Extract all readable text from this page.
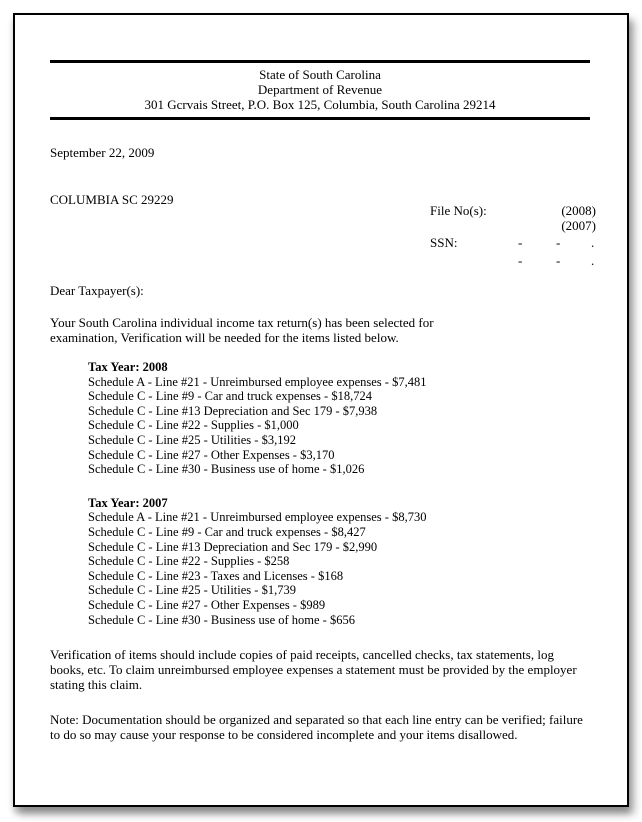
State of South Carolina
Department of Revenue
301 Gcrvais Street, P.O. Box 125, Columbia, South Carolina 29214
September 22, 2009
COLUMBIA SC 29229
Dear Taxpayer(s):
Your South Carolina individual income tax return(s) has been selected for
examination, Verification will be needed for the items listed below.
Tax Year: 2008
Schedule A - Line #21 - Unreimbursed employee expenses - $7,481
Schedule C - Line #9 - Car and truck expenses - $18,724
Schedule C - Line #13 Depreciation and Sec 179 - $7,938
Schedule C - Line #22 - Supplies - $1,000
Schedule C - Line #25 - Utilities - $3,192
Schedule C - Line #27 - Other Expenses - $3,170
Schedule C - Line #30 - Business use of home - $1,026
Tax Year: 2007
Schedule A - Line #21 - Unreimbursed employee expenses - $8,730
Schedule C - Line #9 - Car and truck expenses - $8,427
Schedule C - Line #13 Depreciation and Sec 179 - $2,990
Schedule C - Line #22 - Supplies - $258
Schedule C - Line #23 - Taxes and Licenses - $168
Schedule C - Line #25 - Utilities - $1,739
Schedule C - Line #27 - Other Expenses - $989
Schedule C - Line #30 - Business use of home - $656
Verification of items should include copies of paid receipts, cancelled checks, tax statements, log
books, etc. To claim unreimbursed employee expenses a statement must be provided by the employer
stating this claim.
Note: Documentation should be organized and separated so that each line entry can be verified; failure
to do so may cause your response to be considered incomplete and your items disallowed.
File No(s):	(2008)
(2007)
SSN:	-	- .
-	- .
